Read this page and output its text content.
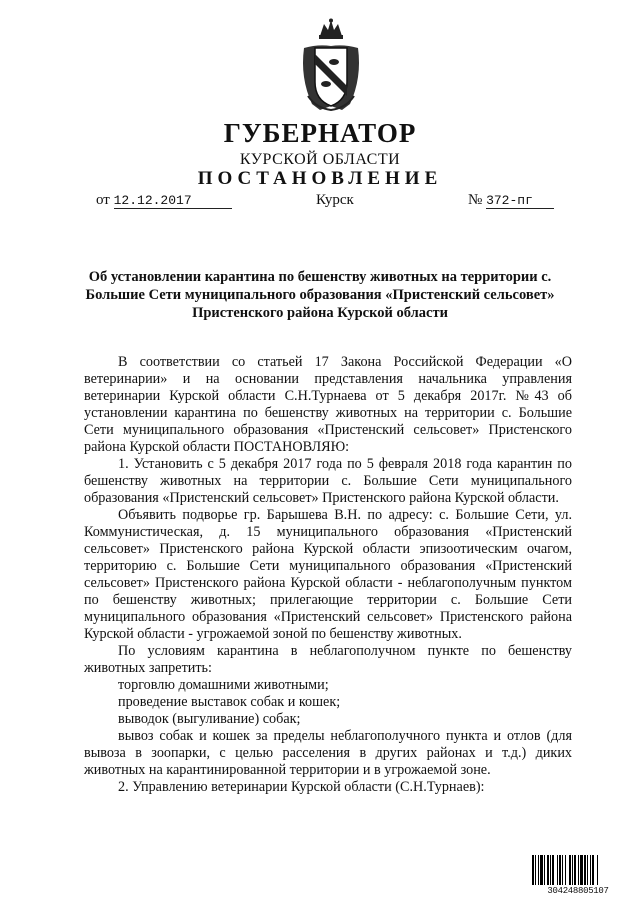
ГУБЕРНАТОР
КУРСКОЙ ОБЛАСТИ
ПОСТАНОВЛЕНИЕ
от 12.12.2017	Курск	№ 372-пг
Об установлении карантина по бешенству животных на территории с. Большие Сети муниципального образования «Пристенский сельсовет» Пристенского района Курской области

В соответствии со статьей 17 Закона Российской Федерации «О ветеринарии» и на основании представления начальника управления ветеринарии Курской области С.Н.Турнаева от 5 декабря 2017г. №43 об установлении карантина по бешенству животных на территории с. Большие Сети муниципального образования «Пристенский сельсовет» Пристенского района Курской области ПОСТАНОВЛЯЮ:

1. Установить с 5 декабря 2017 года по 5 февраля 2018 года карантин по бешенству животных на территории с. Большие Сети муниципального образования «Пристенский сельсовет» Пристенского района Курской области.

Объявить подворье гр. Барышева В.Н. по адресу: с. Большие Сети, ул. Коммунистическая, д. 15 муниципального образования «Пристенский сельсовет» Пристенского района Курской области эпизоотическим очагом, территорию с. Большие Сети муниципального образования «Пристенский сельсовет» Пристенского района Курской области - неблагополучным пунктом по бешенству животных; прилегающие территории с. Большие Сети муниципального образования «Пристенский сельсовет» Пристенского района Курской области - угрожаемой зоной по бешенству животных.

По условиям карантина в неблагополучном пункте по бешенству животных запретить:

торговлю домашними животными;

проведение выставок собак и кошек;

выводок (выгуливание) собак;

вывоз собак и кошек за пределы неблагополучного пункта и отлов (для вывоза в зоопарки, с целью расселения в других районах и т.д.) диких животных на карантинированной территории и в угрожаемой зоне.

2. Управлению ветеринарии Курской области (С.Н.Турнаев):

304248805107
